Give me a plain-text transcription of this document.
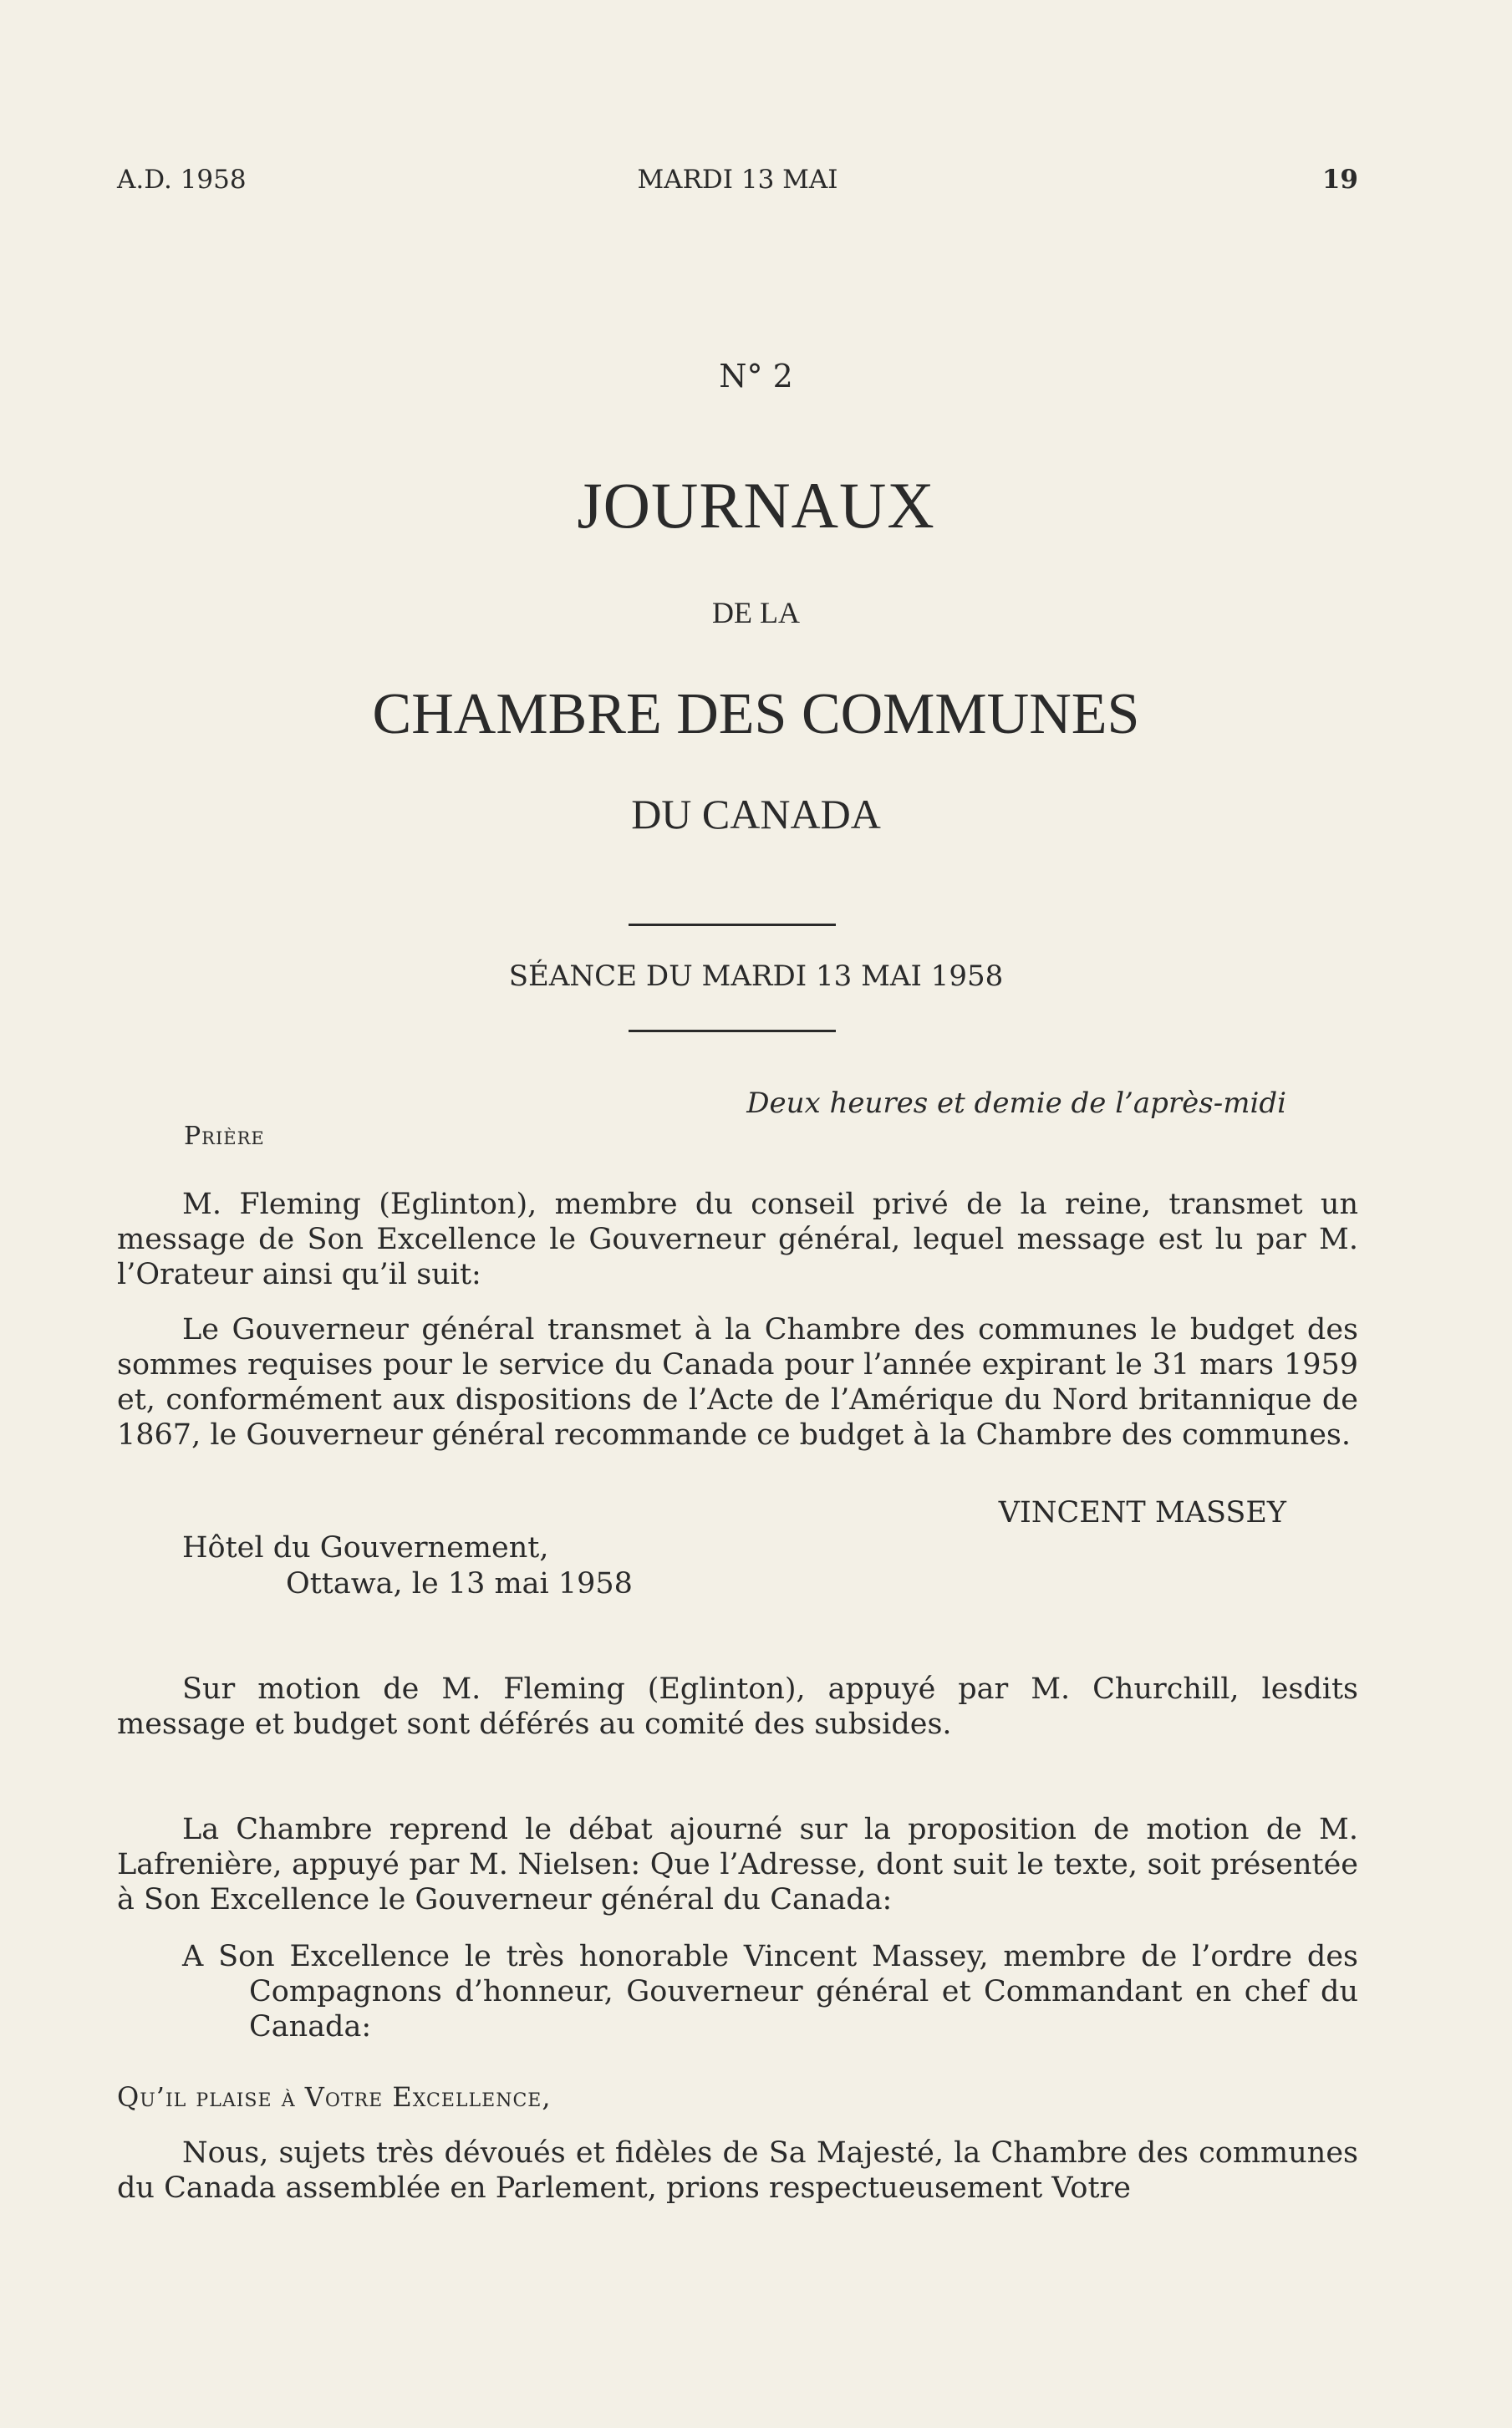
A.D. 1958	MARDI 13 MAI	19
N° 2
JOURNAUX
DE LA
CHAMBRE DES COMMUNES
DU CANADA
SÉANCE DU MARDI 13 MAI 1958
Deux heures et demie de l’après-midi
Prière

M. Fleming (Eglinton), membre du conseil privé de la reine, transmet un message de Son Excellence le Gouverneur général, lequel message est lu par M. l’Orateur ainsi qu’il suit:

Le Gouverneur général transmet à la Chambre des communes le budget des sommes requises pour le service du Canada pour l’année expirant le 31 mars 1959 et, conformément aux dispositions de l’Acte de l’Amérique du Nord britannique de 1867, le Gouverneur général recommande ce budget à la Chambre des communes.

VINCENT MASSEY
Hôtel du Gouvernement,
Ottawa, le 13 mai 1958

Sur motion de M. Fleming (Eglinton), appuyé par M. Churchill, lesdits message et budget sont déférés au comité des subsides.

La Chambre reprend le débat ajourné sur la proposition de motion de M. Lafrenière, appuyé par M. Nielsen: Que l’Adresse, dont suit le texte, soit présentée à Son Excellence le Gouverneur général du Canada:

A Son Excellence le très honorable Vincent Massey, membre de l’ordre des Compagnons d’honneur, Gouverneur général et Commandant en chef du Canada:

Qu’il plaise à Votre Excellence,

Nous, sujets très dévoués et fidèles de Sa Majesté, la Chambre des communes du Canada assemblée en Parlement, prions respectueusement Votre
